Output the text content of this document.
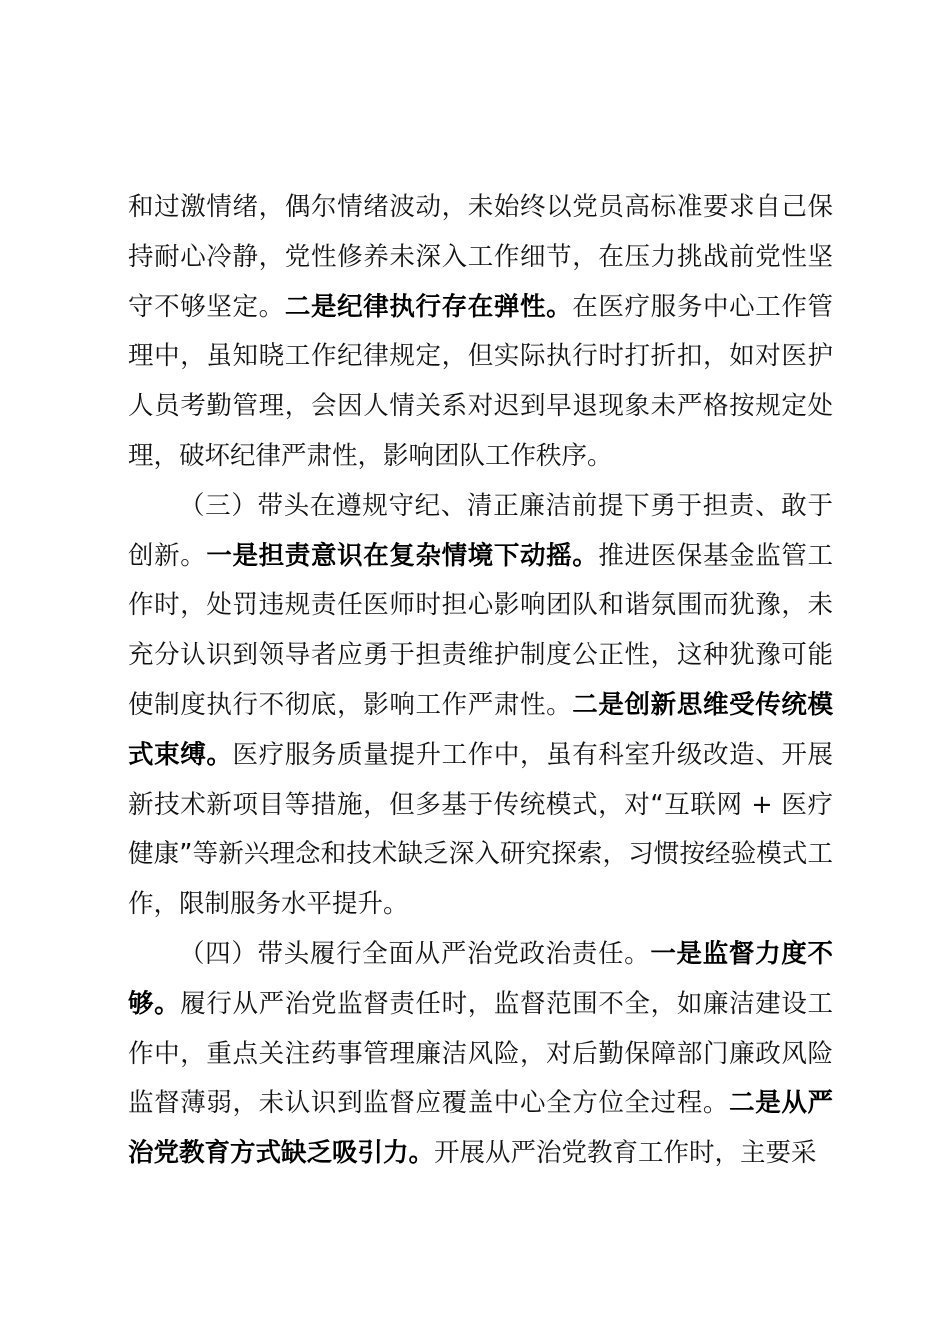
和过激情绪，偶尔情绪波动，未始终以党员高标准要求自己保持耐心冷静，党性修养未深入工作细节，在压力挑战前党性坚守不够坚定。二是纪律执行存在弹性。在医疗服务中心工作管理中，虽知晓工作纪律规定，但实际执行时打折扣，如对医护人员考勤管理，会因人情关系对迟到早退现象未严格按规定处理，破坏纪律严肃性，影响团队工作秩序。

（三）带头在遵规守纪、清正廉洁前提下勇于担责、敢于创新。一是担责意识在复杂情境下动摇。推进医保基金监管工作时，处罚违规责任医师时担心影响团队和谐氛围而犹豫，未充分认识到领导者应勇于担责维护制度公正性，这种犹豫可能使制度执行不彻底，影响工作严肃性。二是创新思维受传统模式束缚。医疗服务质量提升工作中，虽有科室升级改造、开展新技术新项目等措施，但多基于传统模式，对“互联网 + 医疗健康”等新兴理念和技术缺乏深入研究探索，习惯按经验模式工作，限制服务水平提升。

（四）带头履行全面从严治党政治责任。一是监督力度不够。履行从严治党监督责任时，监督范围不全，如廉洁建设工作中，重点关注药事管理廉洁风险，对后勤保障部门廉政风险监督薄弱，未认识到监督应覆盖中心全方位全过程。二是从严治党教育方式缺乏吸引力。开展从严治党教育工作时，主要采
